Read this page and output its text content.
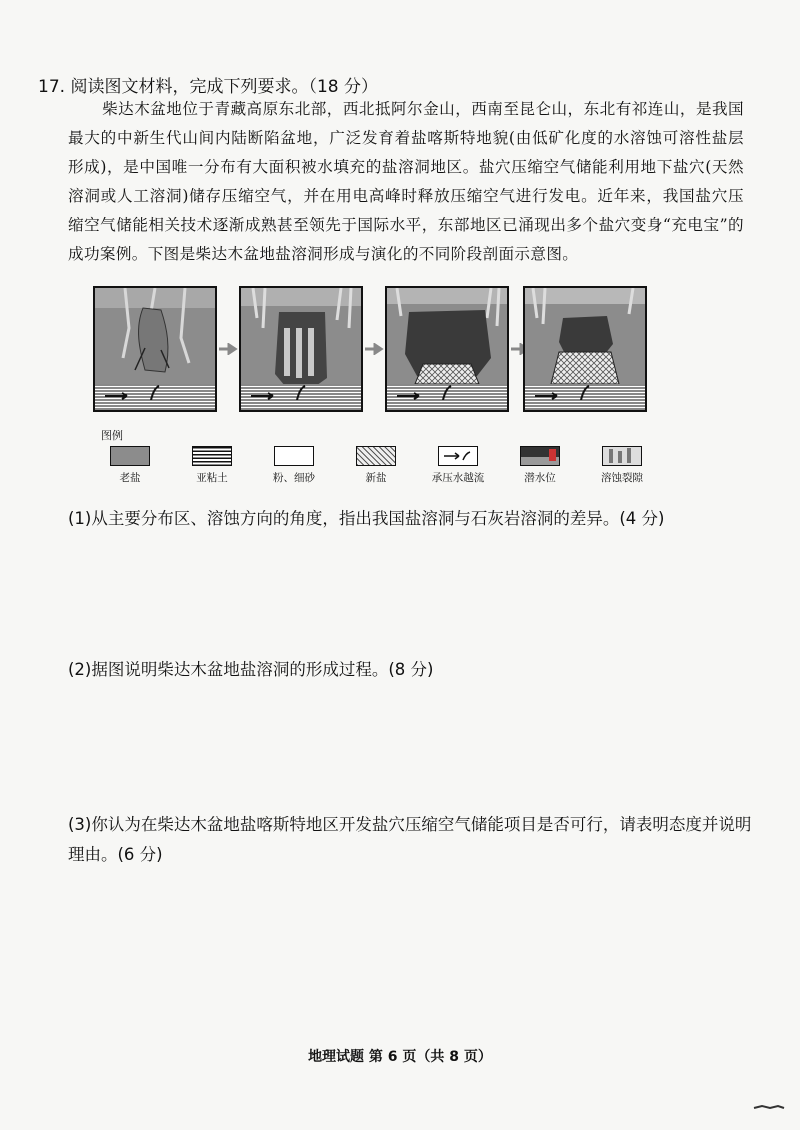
17. 阅读图文材料，完成下列要求。（18 分）
柴达木盆地位于青藏高原东北部，西北抵阿尔金山，西南至昆仑山，东北有祁连山，是我国最大的中新生代山间内陆断陷盆地，广泛发育着盐喀斯特地貌(由低矿化度的水溶蚀可溶性盐层形成)，是中国唯一分布有大面积被水填充的盐溶洞地区。盐穴压缩空气储能利用地下盐穴(天然溶洞或人工溶洞)储存压缩空气，并在用电高峰时释放压缩空气进行发电。近年来，我国盐穴压缩空气储能相关技术逐渐成熟甚至领先于国际水平，东部地区已涌现出多个盐穴变身“充电宝”的成功案例。下图是柴达木盆地盐溶洞形成与演化的不同阶段剖面示意图。
图例
老盐	亚粘土	粉、细砂	新盐	承压水越流	潜水位	溶蚀裂隙
(1)从主要分布区、溶蚀方向的角度，指出我国盐溶洞与石灰岩溶洞的差异。(4 分)
(2)据图说明柴达木盆地盐溶洞的形成过程。(8 分)
(3)你认为在柴达木盆地盐喀斯特地区开发盐穴压缩空气储能项目是否可行，请表明态度并说明理由。(6 分)
地理试题 第 6 页（共 8 页）
